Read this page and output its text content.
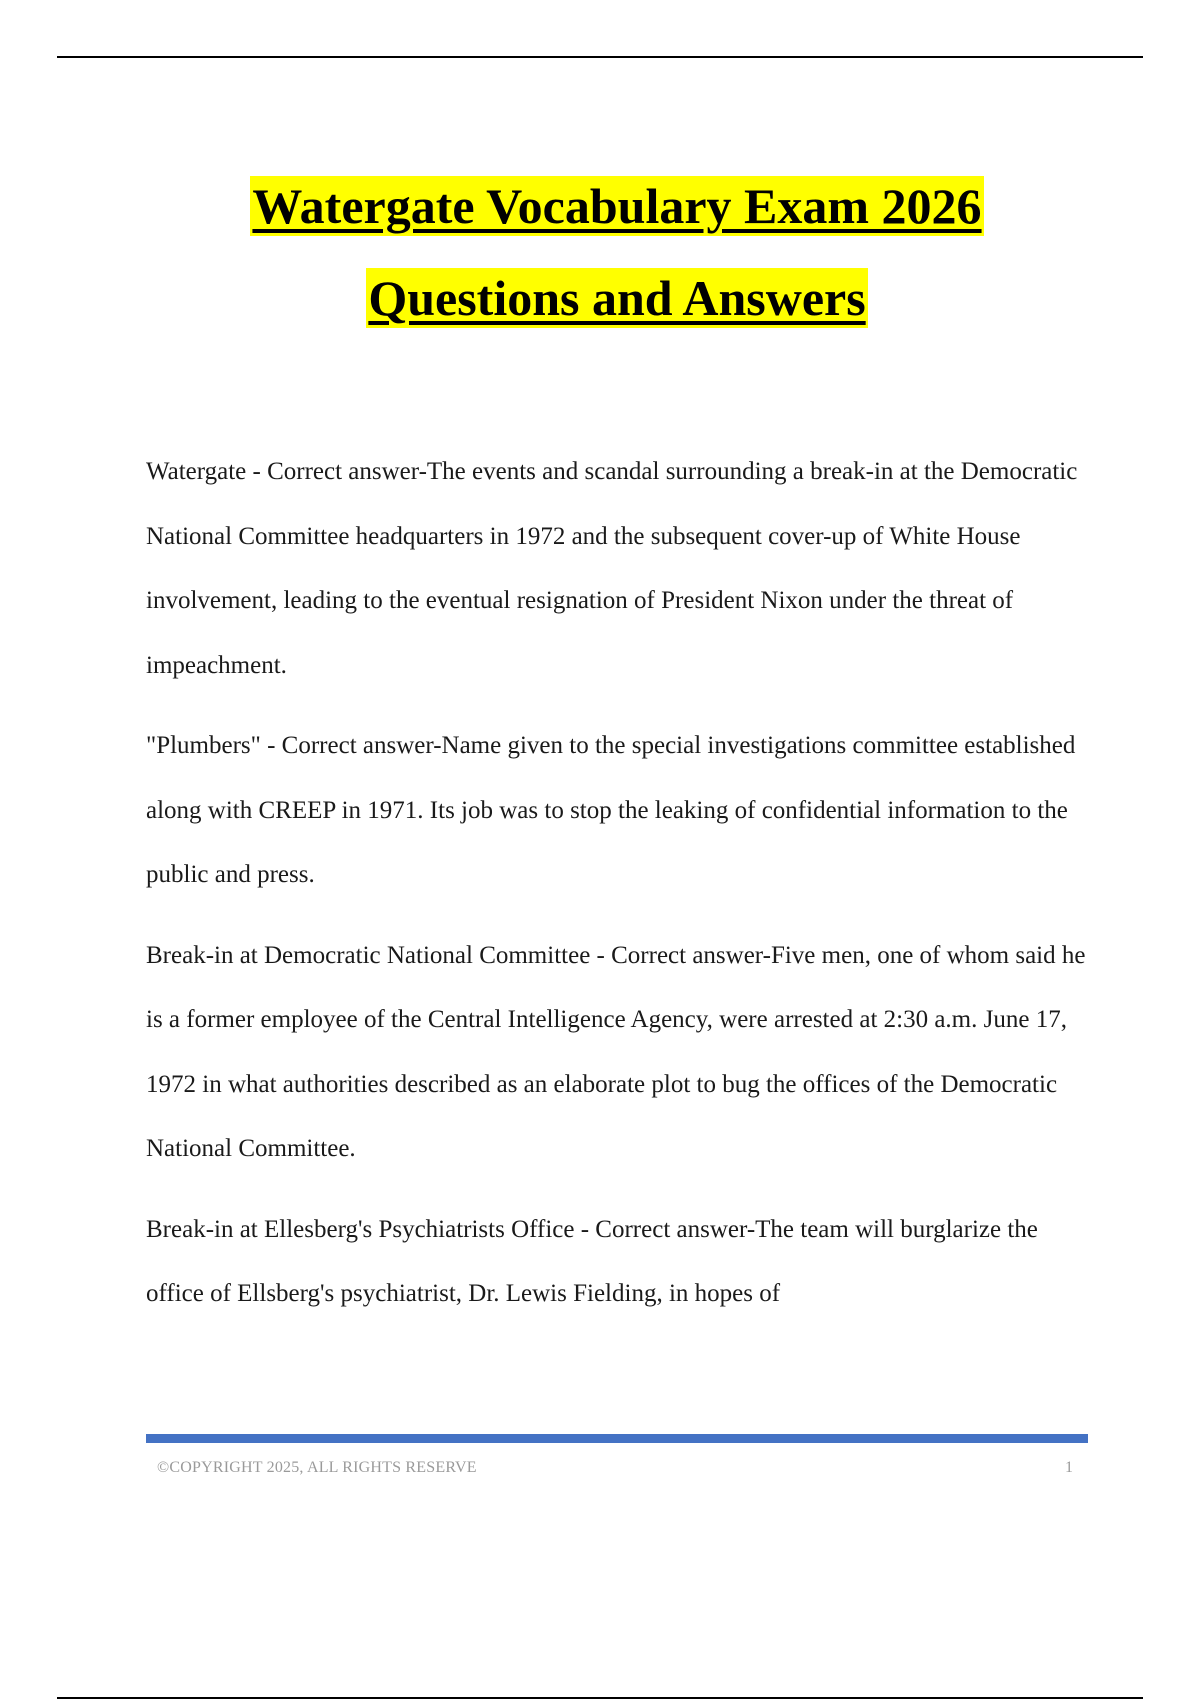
Watergate Vocabulary Exam 2026
Questions and Answers

Watergate - Correct answer-The events and scandal surrounding a break-in at the Democratic National Committee headquarters in 1972 and the subsequent cover-up of White House involvement, leading to the eventual resignation of President Nixon under the threat of impeachment.

"Plumbers" - Correct answer-Name given to the special investigations committee established along with CREEP in 1971. Its job was to stop the leaking of confidential information to the public and press.

Break-in at Democratic National Committee - Correct answer-Five men, one of whom said he is a former employee of the Central Intelligence Agency, were arrested at 2:30 a.m. June 17, 1972 in what authorities described as an elaborate plot to bug the offices of the Democratic National Committee.

Break-in at Ellesberg's Psychiatrists Office - Correct answer-The team will burglarize the office of Ellsberg's psychiatrist, Dr. Lewis Fielding, in hopes of

©COPYRIGHT 2025, ALL RIGHTS RESERVE	1
